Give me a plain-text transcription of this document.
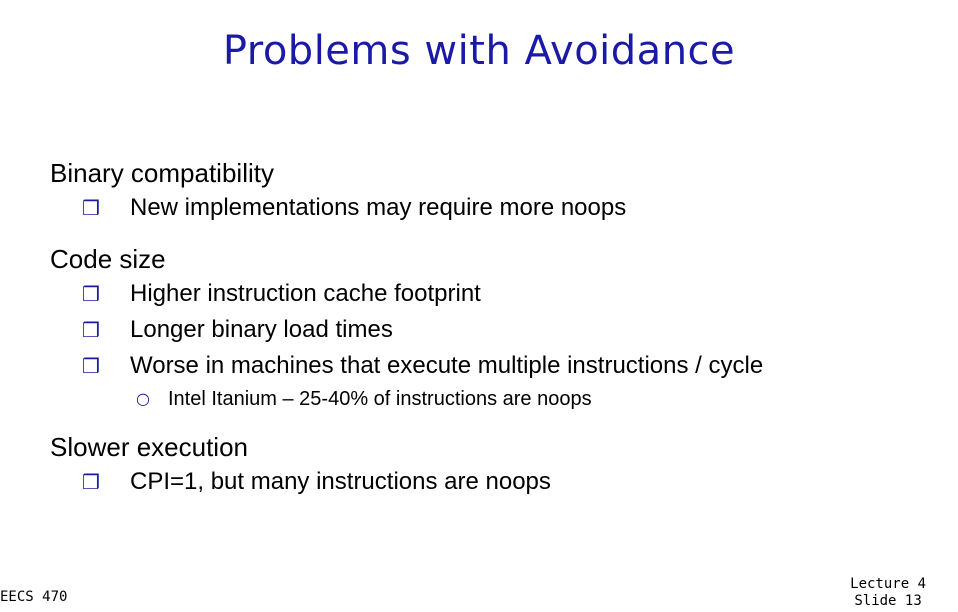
Problems with Avoidance
Binary compatibility
❒ New implementations may require more noops
Code size
❒ Higher instruction cache footprint
❒ Longer binary load times
❒ Worse in machines that execute multiple instructions / cycle
○ Intel Itanium – 25-40% of instructions are noops
Slower execution
❒ CPI=1, but many instructions are noops
EECS 470
Lecture 4
Slide 13
